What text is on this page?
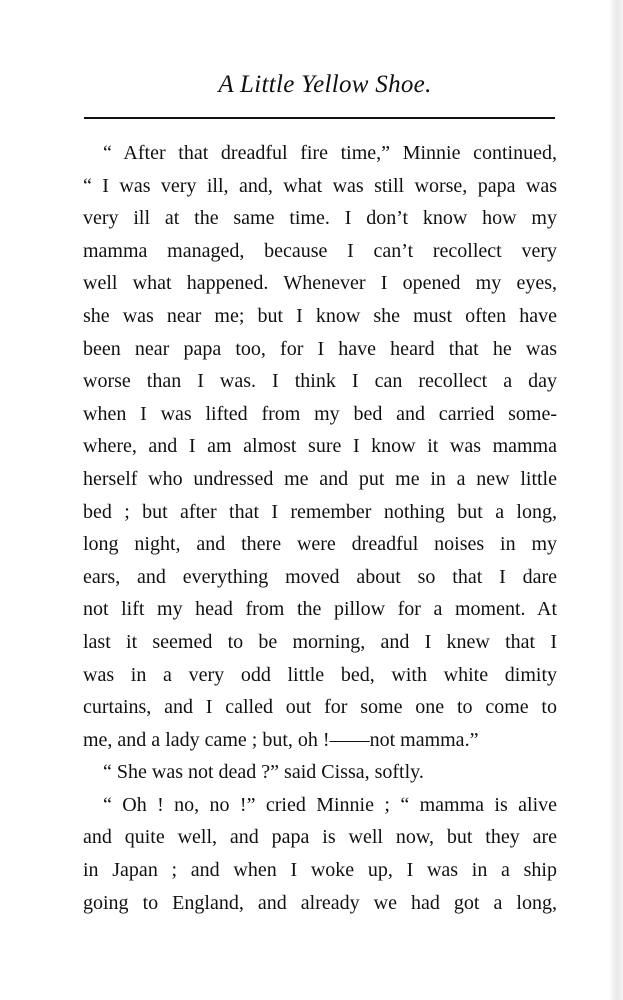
A Little Yellow Shoe.
“ After that dreadful fire time,” Minnie continued,
“ I was very ill, and, what was still worse, papa was
very ill at the same time. I don’t know how my
mamma managed, because I can’t recollect very
well what happened. Whenever I opened my eyes,
she was near me; but I know she must often have
been near papa too, for I have heard that he was
worse than I was. I think I can recollect a day
when I was lifted from my bed and carried some-
where, and I am almost sure I know it was mamma
herself who undressed me and put me in a new little
bed ; but after that I remember nothing but a long,
long night, and there were dreadful noises in my
ears, and everything moved about so that I dare
not lift my head from the pillow for a moment. At
last it seemed to be morning, and I knew that I
was in a very odd little bed, with white dimity
curtains, and I called out for some one to come to
me, and a lady came ; but, oh !——not mamma.”
“ She was not dead ?” said Cissa, softly.
“ Oh ! no, no !” cried Minnie ; “ mamma is alive
and quite well, and papa is well now, but they are
in Japan ; and when I woke up, I was in a ship
going to England, and already we had got a long,
